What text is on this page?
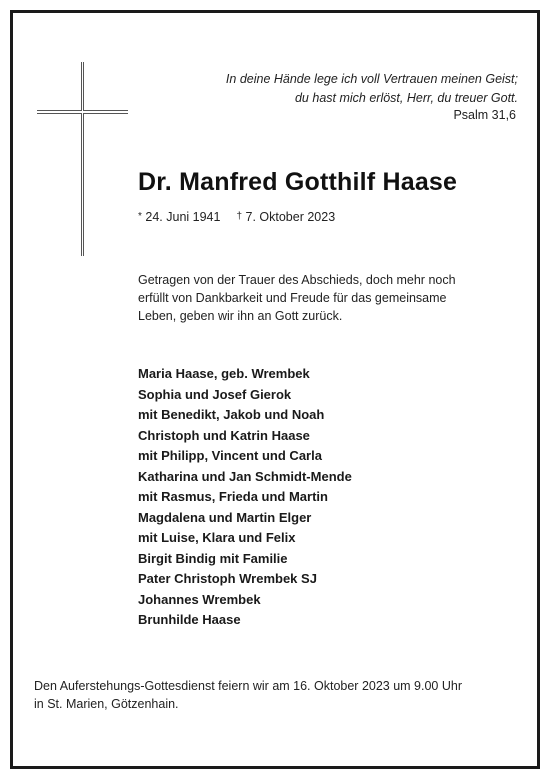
In deine Hände lege ich voll Vertrauen meinen Geist;
du hast mich erlöst, Herr, du treuer Gott.
Psalm 31,6
Dr. Manfred Gotthilf Haase
* 24. Juni 1941 † 7. Oktober 2023
Getragen von der Trauer des Abschieds, doch mehr noch
erfüllt von Dankbarkeit und Freude für das gemeinsame
Leben, geben wir ihn an Gott zurück.
Maria Haase, geb. Wrembek
Sophia und Josef Gierok
mit Benedikt, Jakob und Noah
Christoph und Katrin Haase
mit Philipp, Vincent und Carla
Katharina und Jan Schmidt-Mende
mit Rasmus, Frieda und Martin
Magdalena und Martin Elger
mit Luise, Klara und Felix
Birgit Bindig mit Familie
Pater Christoph Wrembek SJ
Johannes Wrembek
Brunhilde Haase
Den Auferstehungs-Gottesdienst feiern wir am 16. Oktober 2023 um 9.00 Uhr
in St. Marien, Götzenhain.
